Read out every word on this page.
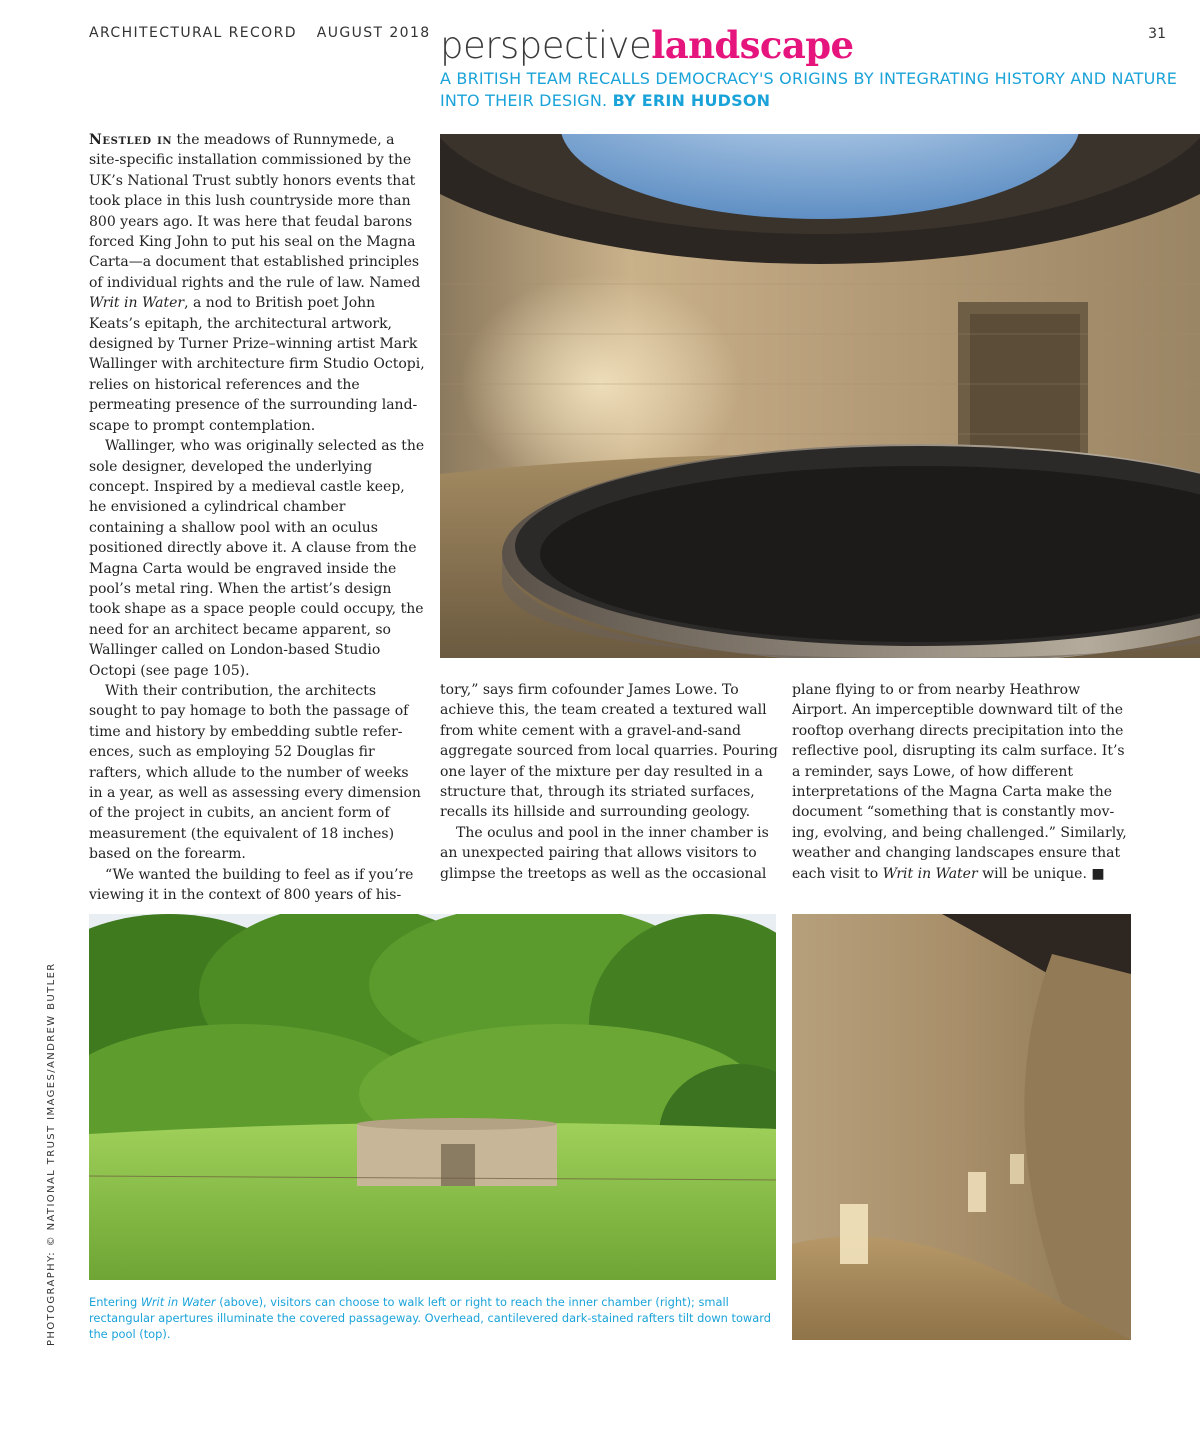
ARCHITECTURAL RECORD AUGUST 2018	31
perspectivelandscape
A BRITISH TEAM RECALLS DEMOCRACY'S ORIGINS BY INTEGRATING HISTORY AND NATURE INTO THEIR DESIGN. BY ERIN HUDSON

Nestled in the meadows of Runnymede, a site-specific installation commissioned by the UK’s National Trust subtly honors events that took place in this lush countryside more than 800 years ago. It was here that feudal barons forced King John to put his seal on the Magna Carta—a document that established principles of individual rights and the rule of law. Named Writ in Water, a nod to British poet John Keats’s epitaph, the architectural artwork, designed by Turner Prize–winning artist Mark Wallinger with architecture firm Studio Octopi, relies on historical references and the permeating presence of the surrounding land-scape to prompt contemplation.

Wallinger, who was originally selected as the sole designer, developed the underlying concept. Inspired by a medieval castle keep, he envisioned a cylindrical chamber containing a shallow pool with an oculus positioned directly above it. A clause from the Magna Carta would be engraved inside the pool’s metal ring. When the artist’s design took shape as a space people could occupy, the need for an architect became apparent, so Wallinger called on London-based Studio Octopi (see page 105).

With their contribution, the architects sought to pay homage to both the passage of time and history by embedding subtle refer-ences, such as employing 52 Douglas fir rafters, which allude to the number of weeks in a year, as well as assessing every dimension of the project in cubits, an ancient form of measurement (the equivalent of 18 inches) based on the forearm.

“We wanted the building to feel as if you’re viewing it in the context of 800 years of his-

tory,” says firm cofounder James Lowe. To achieve this, the team created a textured wall from white cement with a gravel-and-sand aggregate sourced from local quarries. Pouring one layer of the mixture per day resulted in a structure that, through its striated surfaces, recalls its hillside and surrounding geology.

The oculus and pool in the inner chamber is an unexpected pairing that allows visitors to glimpse the treetops as well as the occasional

plane flying to or from nearby Heathrow Airport. An imperceptible downward tilt of the rooftop overhang directs precipitation into the reflective pool, disrupting its calm surface. It’s a reminder, says Lowe, of how different interpretations of the Magna Carta make the document “something that is constantly mov-ing, evolving, and being challenged.” Similarly, weather and changing landscapes ensure that each visit to Writ in Water will be unique. ■

Entering Writ in Water (above), visitors can choose to walk left or right to reach the inner chamber (right); small rectangular apertures illuminate the covered passageway. Overhead, cantilevered dark-stained rafters tilt down toward the pool (top).
PHOTOGRAPHY: © NATIONAL TRUST IMAGES/ANDREW BUTLER
